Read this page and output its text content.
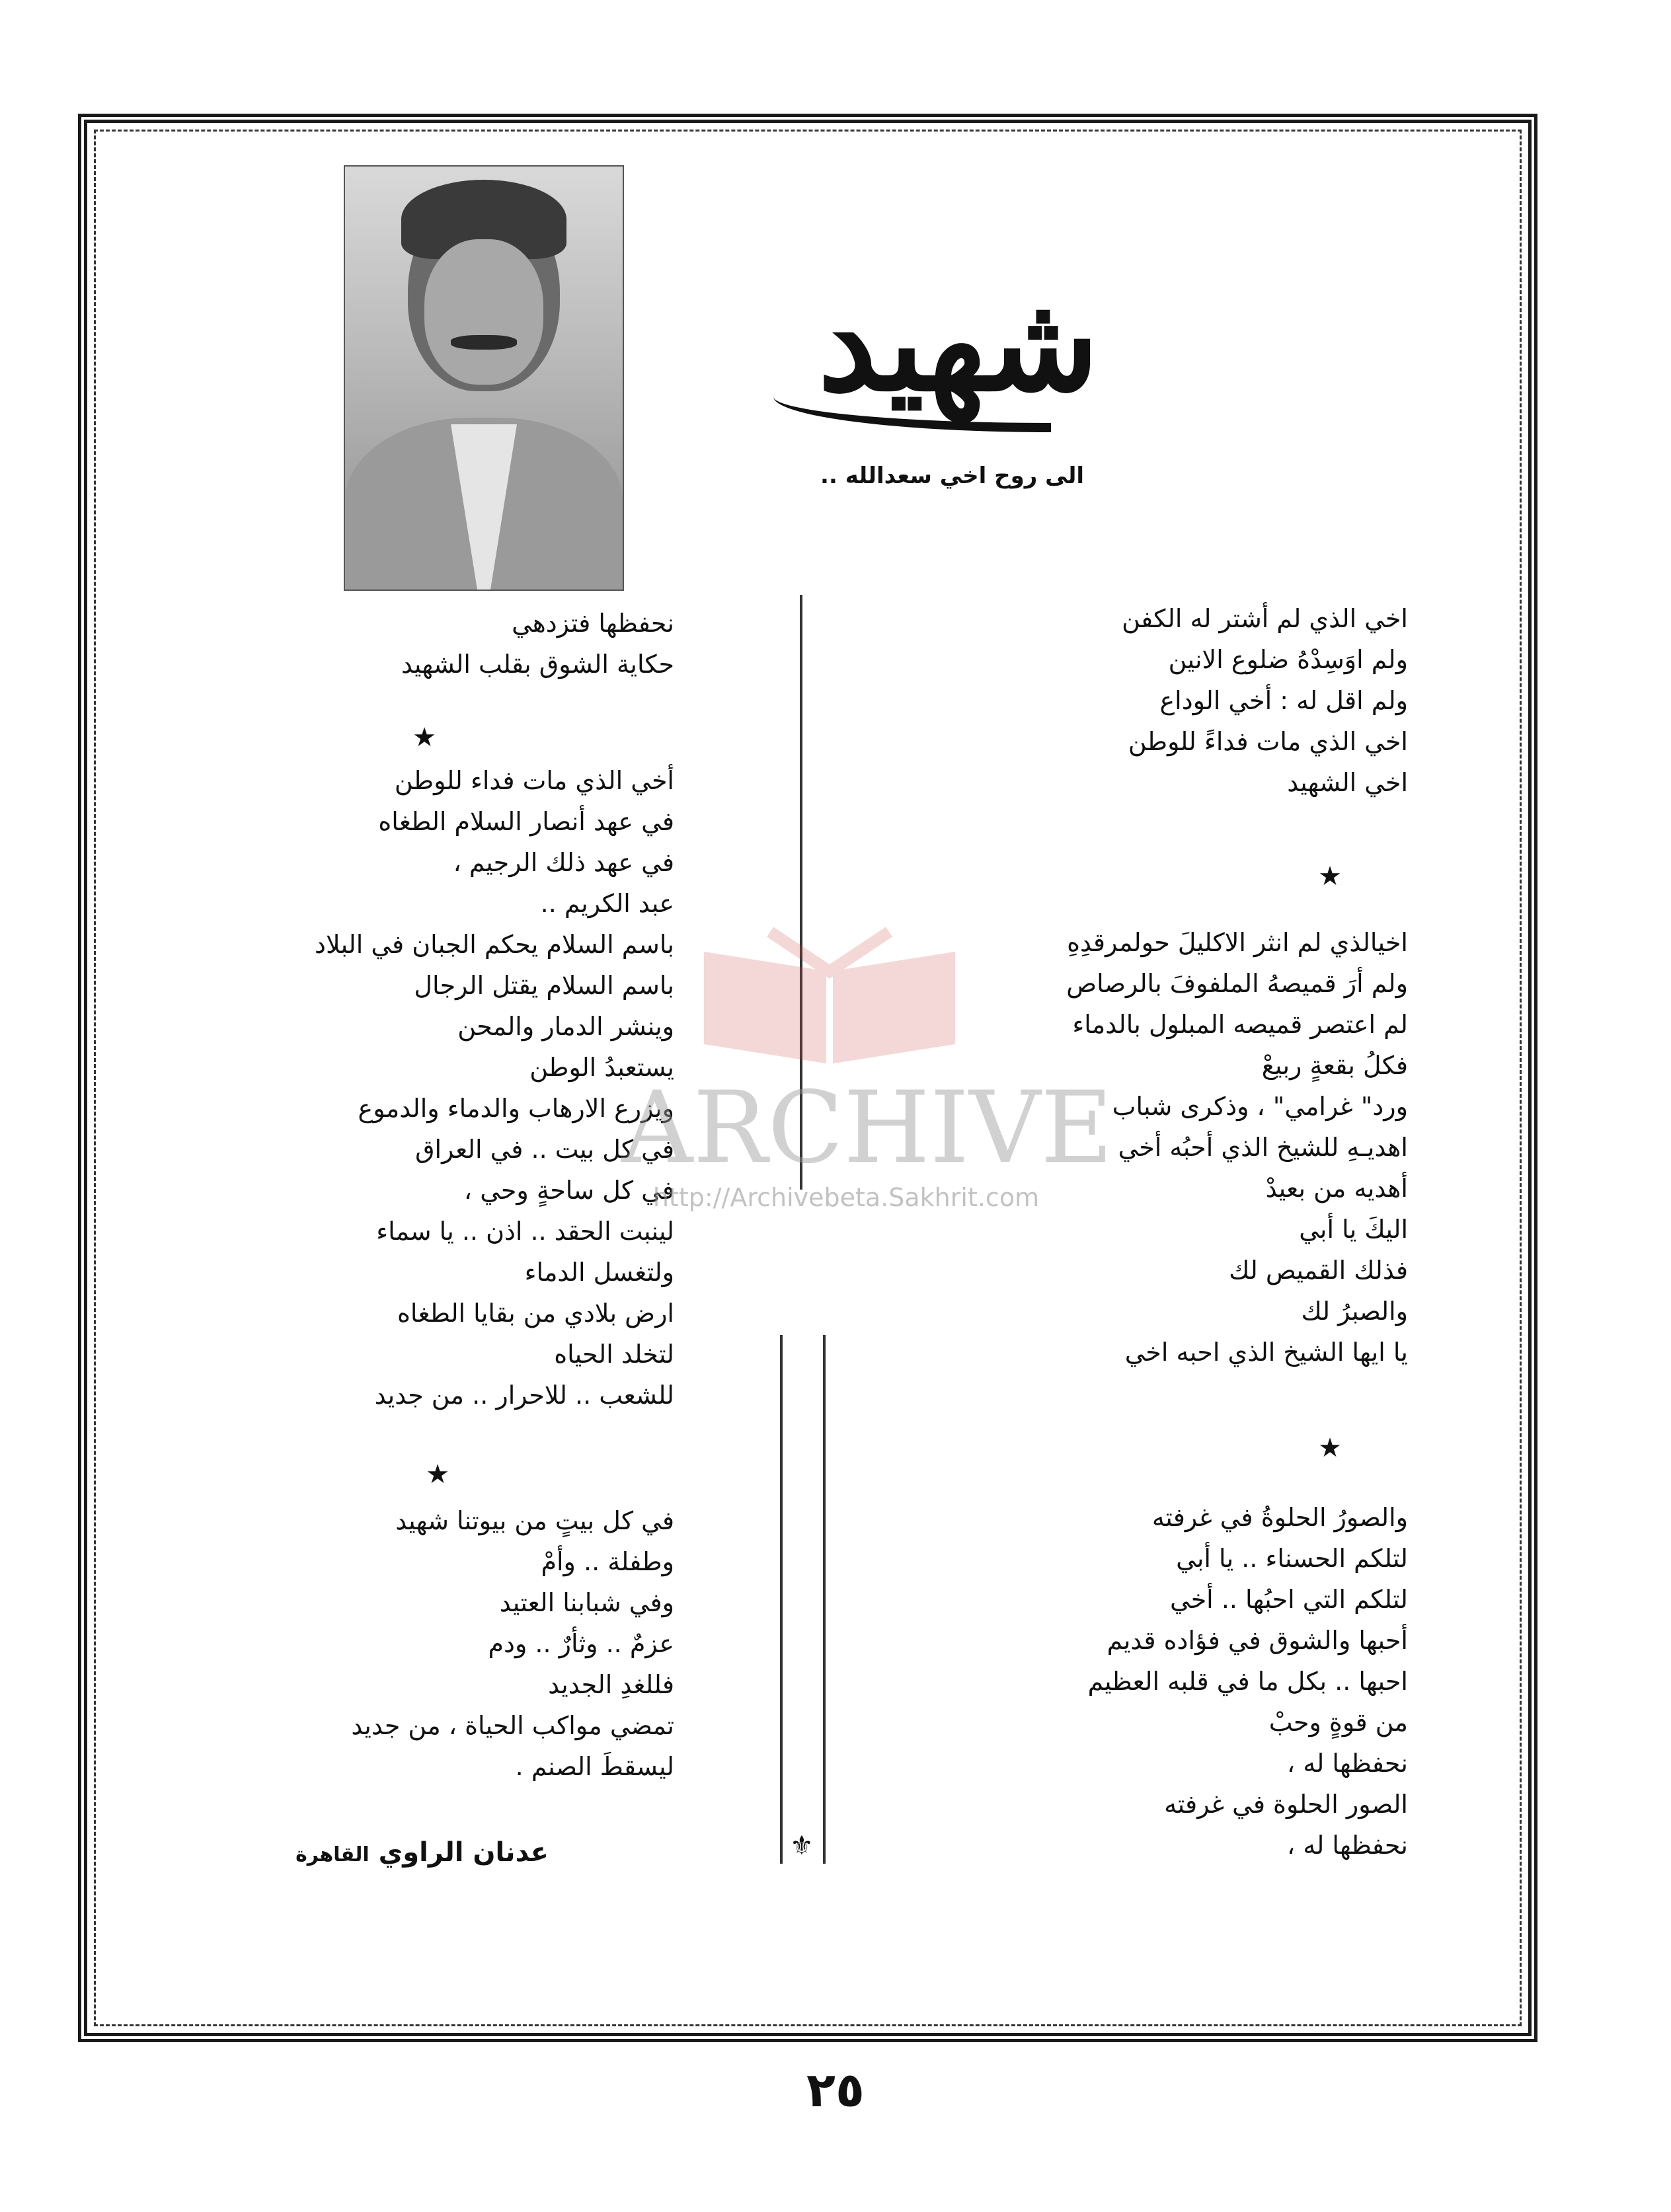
شهيد
الى روح اخي سعدالله ..
اخي الذي لم أشتر له الكفن
ولم اوَسِدْهُ ضلوع الانين
ولم اقل له : أخي الوداع
اخي الذي مات فداءً للوطن
اخي الشهيد
★
اخيالذي لم انثر الاكليلَ حولمرقدِهِ
ولم أرَ قميصهُ الملفوفَ بالرصاص
لم اعتصر قميصه المبلول بالدماء
فكلُ بقعةٍ ربيعْ
ورد" غرامي" ، وذكرى شباب
اهديـهِ للشيخ الذي أحبُه أخي
أهديه من بعيدْ
اليكَ يا أبي
فذلك القميص لك
والصبرُ لك
يا ايها الشيخ الذي احبه اخي
★
والصورُ الحلوةُ في غرفته
لتلكم الحسناء .. يا أبي
لتلكم التي احبُها .. أخي
أحبها والشوق في فؤاده قديم
احبها .. بكل ما في قلبه العظيم
من قوةٍ وحبْ
نحفظها له ،
الصور الحلوة في غرفته
نحفظها له ،
⚜
نحفظها فتزدهي
حكاية الشوق بقلب الشهيد
★
أخي الذي مات فداء للوطن
في عهد أنصار السلام الطغاه
في عهد ذلك الرجيم ،
عبد الكريم ..
باسم السلام يحكم الجبان في البلاد
باسم السلام يقتل الرجال
وينشر الدمار والمحن
يستعبدُ الوطن
ويزرع الارهاب والدماء والدموع
في كل بيت .. في العراق
في كل ساحةٍ وحي ،
لينبت الحقد .. اذن .. يا سماء
ولتغسل الدماء
ارض بلادي من بقايا الطغاه
لتخلد الحياه
للشعب .. للاحرار .. من جديد
★
في كل بيتٍ من بيوتنا شهيد
وطفلة .. وأمْ
وفي شبابنا العتيد
عزمٌ .. وثأرٌ .. ودم
فللغدِ الجديد
تمضي مواكب الحياة ، من جديد
ليسقطَ الصنم .
عدنان الراوي القاهرة
ARCHIVE
http://Archivebeta.Sakhrit.com
٢٥
